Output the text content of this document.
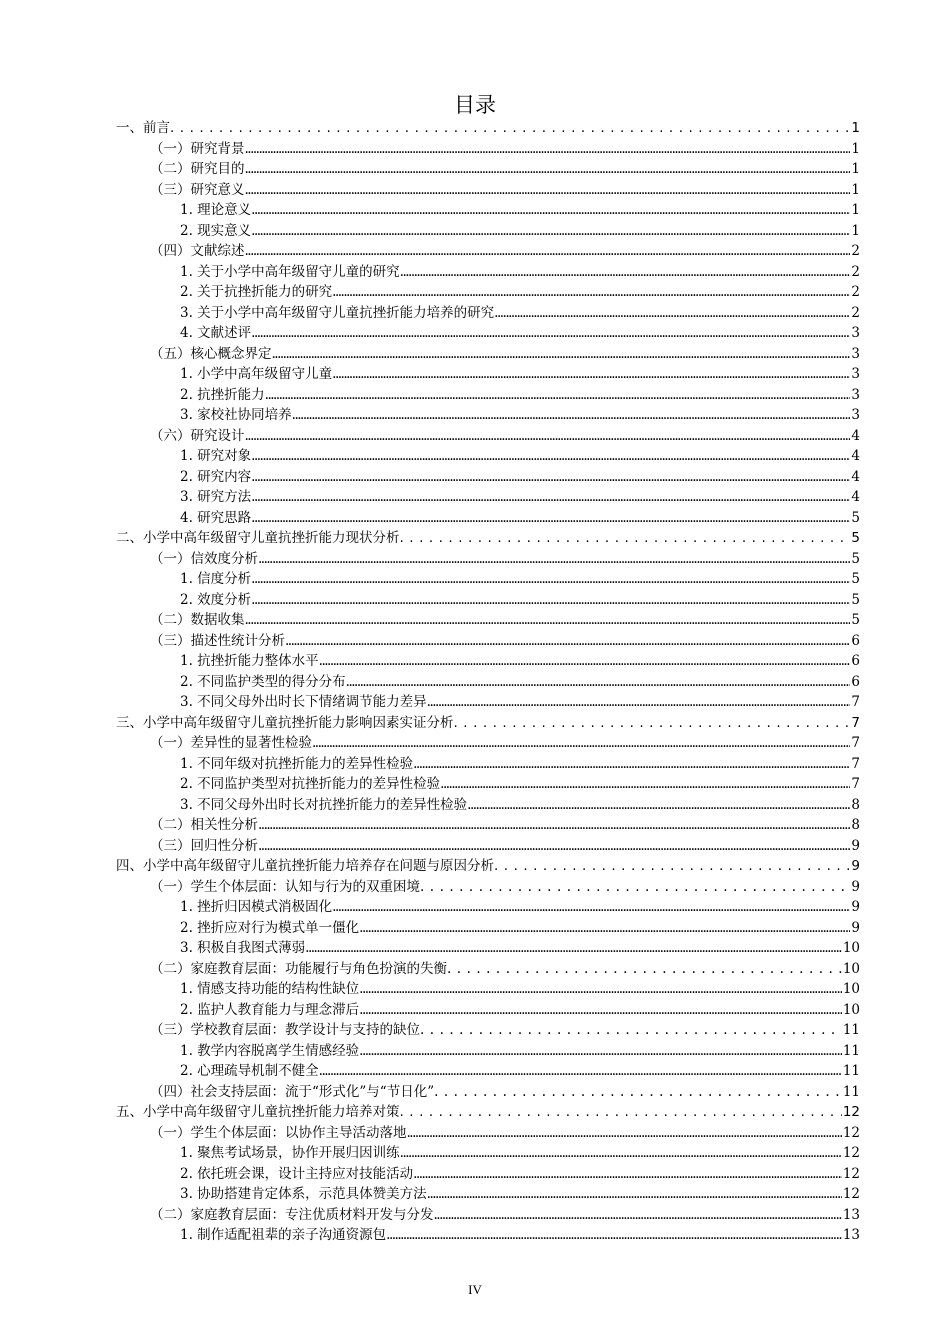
目录
一、前言 . . .	1
（一）研究背景 .....	1
（二）研究目的 .....	1
（三）研究意义 .....	1
1. 理论意义 .....	1
2. 现实意义 .....	1
（四）文献综述 .....	2
1. 关于小学中高年级留守儿童的研究 .....	2
2. 关于抗挫折能力的研究 .....	2
3. 关于小学中高年级留守儿童抗挫折能力培养的研究 .....	2
4. 文献述评 .....	3
（五）核心概念界定 .....	3
1. 小学中高年级留守儿童 .....	3
2. 抗挫折能力 .....	3
3. 家校社协同培养 .....	3
（六）研究设计 .....	4
1. 研究对象 .....	4
2. 研究内容 .....	4
3. 研究方法 .....	4
4. 研究思路 .....	5
二、小学中高年级留守儿童抗挫折能力现状分析 . . .	5
（一）信效度分析 .....	5
1. 信度分析 .....	5
2. 效度分析 .....	5
（二）数据收集 .....	5
（三）描述性统计分析 .....	6
1. 抗挫折能力整体水平 .....	6
2. 不同监护类型的得分分布 .....	6
3. 不同父母外出时长下情绪调节能力差异 .....	7
三、小学中高年级留守儿童抗挫折能力影响因素实证分析 . . .	7
（一）差异性的显著性检验 .....	7
1. 不同年级对抗挫折能力的差异性检验 .....	7
2. 不同监护类型对抗挫折能力的差异性检验 .....	7
3. 不同父母外出时长对抗挫折能力的差异性检验 .....	8
（二）相关性分析 .....	8
（三）回归性分析 .....	9
四、小学中高年级留守儿童抗挫折能力培养存在问题与原因分析 . . .	9
（一）学生个体层面：认知与行为的双重困境 . . .	9
1. 挫折归因模式消极固化 .....	9
2. 挫折应对行为模式单一僵化 .....	9
3. 积极自我图式薄弱 .....	10
（二）家庭教育层面：功能履行与角色扮演的失衡 . . .	10
1. 情感支持功能的结构性缺位 .....	10
2. 监护人教育能力与理念滞后 .....	10
（三）学校教育层面：教学设计与支持的缺位 . . .	11
1. 教学内容脱离学生情感经验 .....	11
2. 心理疏导机制不健全 .....	11
（四）社会支持层面：流于“形式化”与“节日化” . . .	11
五、小学中高年级留守儿童抗挫折能力培养对策 . . .	12
（一）学生个体层面：以协作主导活动落地 .....	12
1. 聚焦考试场景，协作开展归因训练 .....	12
2. 依托班会课，设计主持应对技能活动 .....	12
3. 协助搭建肯定体系，示范具体赞美方法 .....	12
（二）家庭教育层面：专注优质材料开发与分发 .....	13
1. 制作适配祖辈的亲子沟通资源包 .....	13
IV
